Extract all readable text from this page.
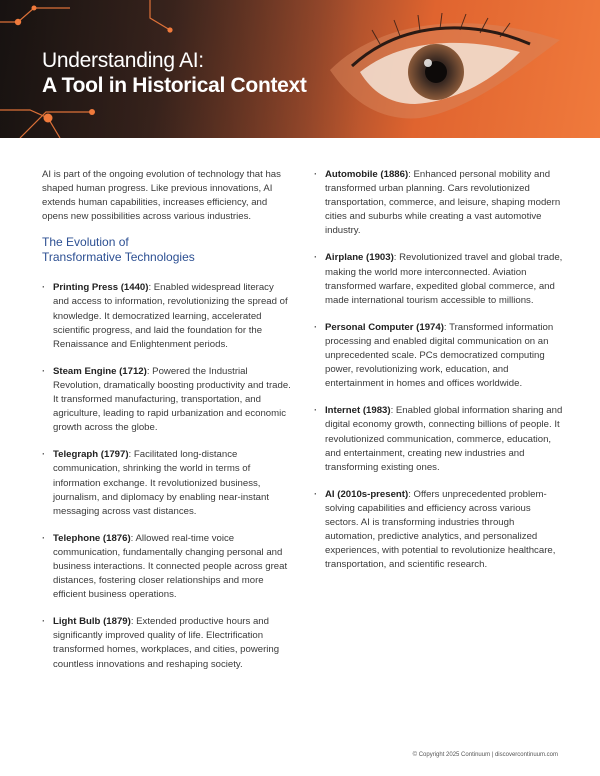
Understanding AI:
A Tool in Historical Context

AI is part of the ongoing evolution of technology that has shaped human progress. Like previous innovations, AI extends human capabilities, increases efficiency, and opens new possibilities across various industries.

The Evolution of
Transformative Technologies
· Printing Press (1440): Enabled widespread literacy and access to information, revolutionizing the spread of knowledge. It democratized learning, accelerated scientific progress, and laid the foundation for the Renaissance and Enlightenment periods.
· Steam Engine (1712): Powered the Industrial Revolution, dramatically boosting productivity and trade. It transformed manufacturing, transportation, and agriculture, leading to rapid urbanization and economic growth across the globe.
· Telegraph (1797): Facilitated long-distance communication, shrinking the world in terms of information exchange. It revolutionized business, journalism, and diplomacy by enabling near-instant messaging across vast distances.
· Telephone (1876): Allowed real-time voice communication, fundamentally changing personal and business interactions. It connected people across great distances, fostering closer relationships and more efficient business operations.
· Light Bulb (1879): Extended productive hours and significantly improved quality of life. Electrification transformed homes, workplaces, and cities, powering countless innovations and reshaping society.
· Automobile (1886): Enhanced personal mobility and transformed urban planning. Cars revolutionized transportation, commerce, and leisure, shaping modern cities and suburbs while creating a vast automotive industry.
· Airplane (1903): Revolutionized travel and global trade, making the world more interconnected. Aviation transformed warfare, expedited global commerce, and made international tourism accessible to millions.
· Personal Computer (1974): Transformed information processing and enabled digital communication on an unprecedented scale. PCs democratized computing power, revolutionizing work, education, and entertainment in homes and offices worldwide.
· Internet (1983): Enabled global information sharing and digital economy growth, connecting billions of people. It revolutionized communication, commerce, education, and entertainment, creating new industries and transforming existing ones.
· AI (2010s-present): Offers unprecedented problem-solving capabilities and efficiency across various sectors. AI is transforming industries through automation, predictive analytics, and personalized experiences, with potential to revolutionize healthcare, transportation, and scientific research.
© Copyright 2025 Continuum | discovercontinuum.com
